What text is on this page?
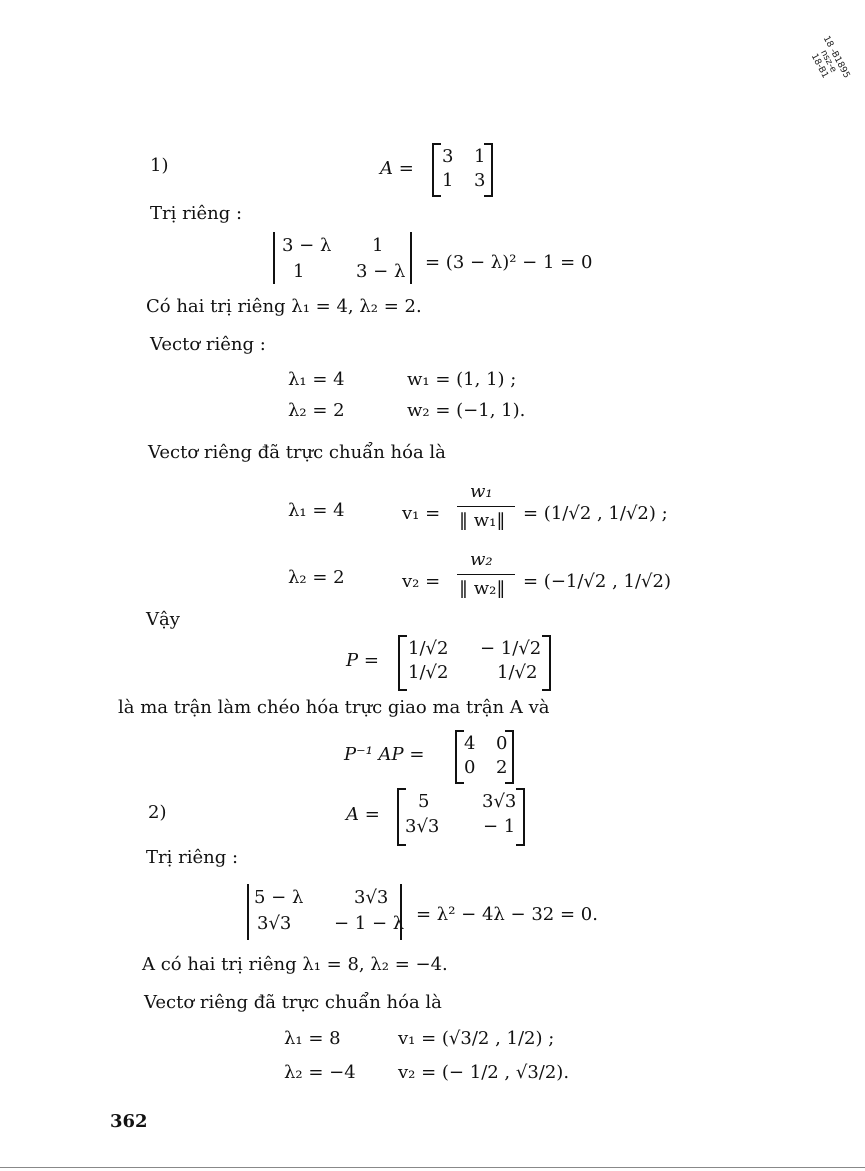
18 -B1895
nsz-e
18-B1
1)	A =
3 1
1 3
Trị riêng :
3 − λ 1
1	3 − λ = (3 − λ)² − 1 = 0
Có hai trị riêng λ₁ = 4, λ₂ = 2.
Vectơ riêng :
λ₁ = 4	w₁ = (1, 1) ;
λ₂ = 2	w₂ = (−1, 1).
Vectơ riêng đã trực chuẩn hóa là
λ₁ = 4	v₁ =
w₁
‖ w₁‖ = (1/√2 , 1/√2) ;
λ₂ = 2	v₂ =
w₂
‖ w₂‖ = (−1/√2 , 1/√2)
Vậy
P =
1/√2 − 1/√2
1/√2	1/√2
là ma trận làm chéo hóa trực giao ma trận A và
P⁻¹ AP =
4 0
0 2
2)	A =
5	3√3
3√3 − 1
Trị riêng :
5 − λ	3√3
3√3 − 1 − λ = λ² − 4λ − 32 = 0.
A có hai trị riêng λ₁ = 8, λ₂ = −4.
Vectơ riêng đã trực chuẩn hóa là
λ₁ = 8	v₁ = (√3/2 , 1/2) ;
λ₂ = −4 v₂ = (− 1/2 , √3/2).
362
